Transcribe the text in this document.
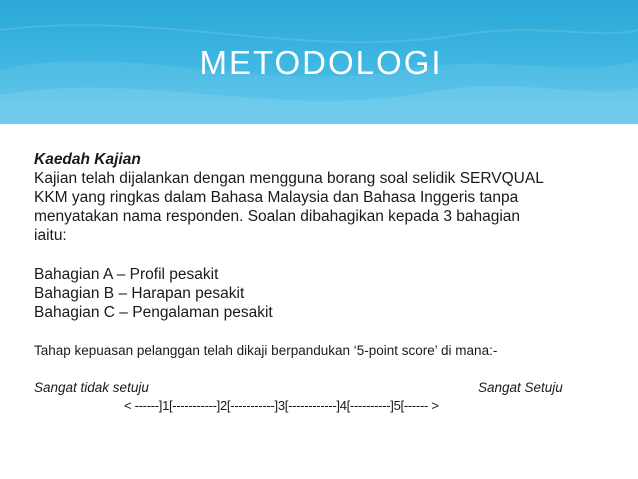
METODOLOGI

Kaedah Kajian

Kajian telah dijalankan dengan mengguna borang soal selidik SERVQUAL

KKM yang ringkas dalam Bahasa Malaysia dan Bahasa Inggeris tanpa

menyatakan nama responden. Soalan dibahagikan kepada 3 bahagian

iaitu:

Bahagian A – Profil pesakit

Bahagian B – Harapan pesakit

Bahagian C – Pengalaman pesakit

Tahap kepuasan pelanggan telah dikaji berpandukan ‘5-point score’ di mana:-

Sangat tidak setuju	Sangat Setuju
< ------]1[-----------]2[-----------]3[------------]4[----------]5[------ >
